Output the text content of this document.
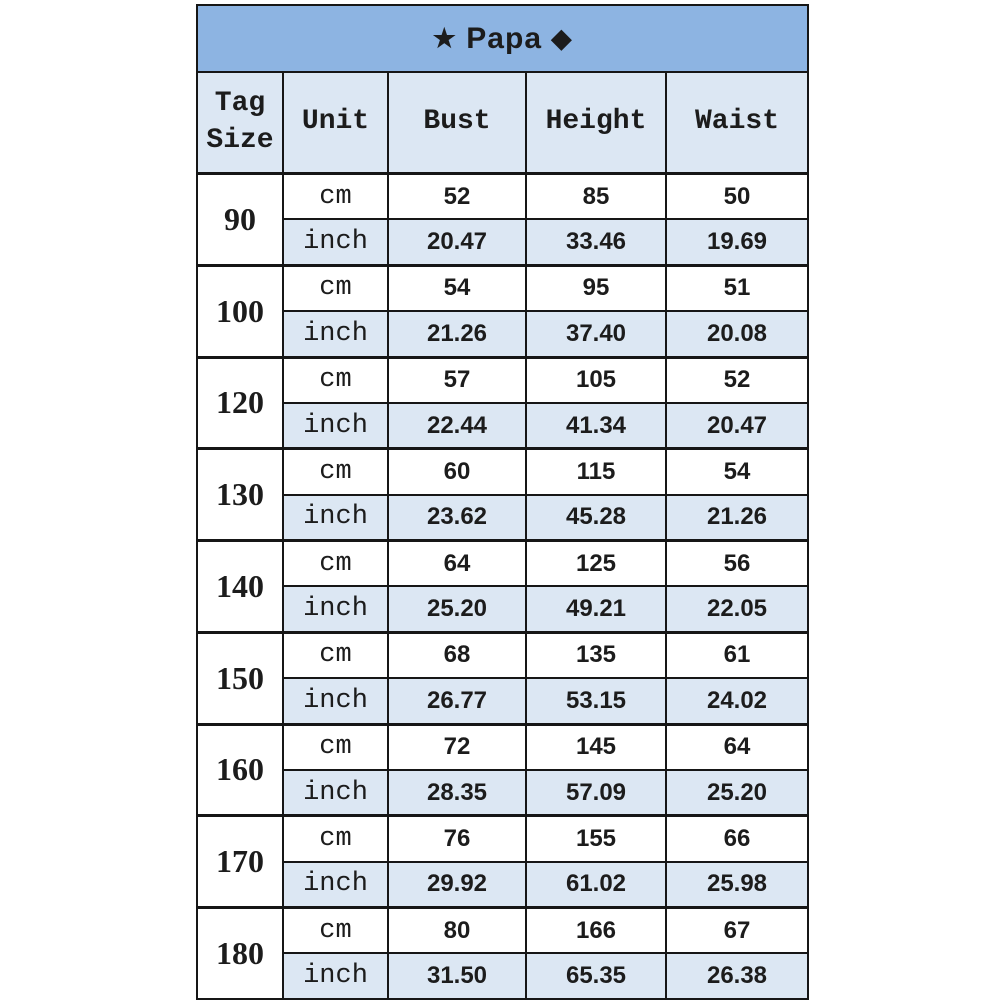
★ Papa ◆				
Tag Size	Unit	Bust	Height	Waist
90	cm	52	85	50
	inch	20.47	33.46	19.69
100	cm	54	95	51
	inch	21.26	37.40	20.08
120	cm	57	105	52
	inch	22.44	41.34	20.47
130	cm	60	115	54
	inch	23.62	45.28	21.26
140	cm	64	125	56
	inch	25.20	49.21	22.05
150	cm	68	135	61
	inch	26.77	53.15	24.02
160	cm	72	145	64
	inch	28.35	57.09	25.20
170	cm	76	155	66
	inch	29.92	61.02	25.98
180	cm	80	166	67
	inch	31.50	65.35	26.38
